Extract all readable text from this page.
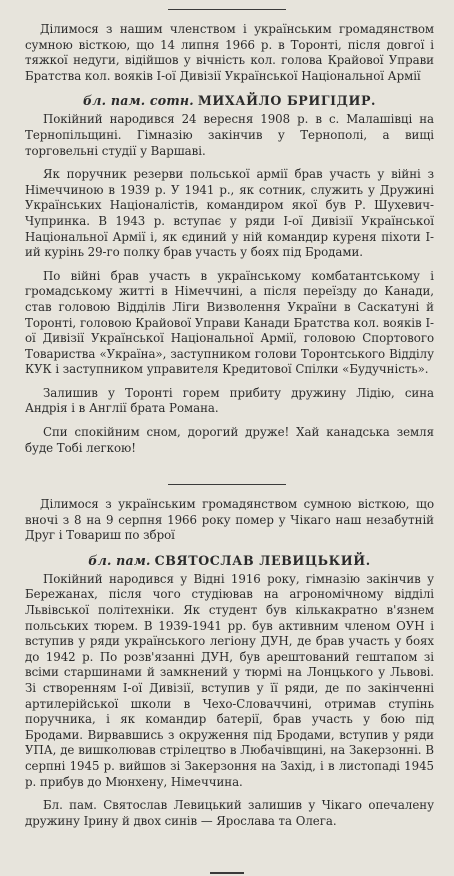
Ділимося з нашим членством і українським громадянством сумною вісткою, що 14 липня 1966 р. в Торонті, після довгої і тяжкої недуги, відійшов у вічність кол. голова Крайової Управи Братства кол. вояків І-ої Дивізії Української Національної Армії

бл. пам. сотн. МИХАЙЛО БРИГІДИР.

Покійний народився 24 вересня 1908 р. в с. Малашівці на Тернопільщині. Гімназію закінчив у Тернополі, а вищі торговельні студії у Варшаві.

Як поручник резерви польської армії брав участь у війні з Німеччиною в 1939 р. У 1941 р., як сотник, служить у Дружині Українських Націоналістів, командиром якої був Р. Шухевич-Чупринка. В 1943 р. вступає у ряди І-ої Дивізії Української Національної Армії і, як єдиний у ній командир куреня піхоти І-ий курінь 29-го полку брав участь у боях під Бродами.

По війні брав участь в українському комбатантському і громадському житті в Німеччині, а після переїзду до Канади, став головою Відділів Ліги Визволення України в Саскатуні й Торонті, головою Крайової Управи Канади Братства кол. вояків І-ої Дивізії Української Національної Армії, головою Спортового Товариства «Україна», заступником голови Торонтського Відділу КУК і заступником управителя Кредитової Спілки «Будучність».

Залишив у Торонті горем прибиту дружину Лідію, сина Андрія і в Англії брата Романа.

Спи спокійним сном, дорогий друже! Хай канадська земля буде Тобі легкою!

Ділимося з українським громадянством сумною вісткою, що вночі з 8 на 9 серпня 1966 року помер у Чікаго наш незабутній Друг і Товариш по зброї

бл. пам. СВЯТОСЛАВ ЛЕВИЦЬКИЙ.

Покійний народився у Відні 1916 року, гімназію закінчив у Бережанах, після чого студіював на агрономічному відділі Львівської політехніки. Як студент був кількакратно в'язнем польських тюрем. В 1939-1941 рр. був активним членом ОУН і вступив у ряди українського легіону ДУН, де брав участь у боях до 1942 р. По розв'язанні ДУН, був арештований гештапом зі всіми старшинами й замкнений у тюрмі на Лонцького у Львові. Зі створенням І-ої Дивізії, вступив у її ряди, де по закінченні артилерійської школи в Чехо-Словаччині, отримав ступінь поручника, і як командир батерії, брав участь у бою під Бродами. Вирвавшись з окруження під Бродами, вступив у ряди УПА, де вишколював стрілецтво в Любачівщині, на Закерзонні. В серпні 1945 р. вийшов зі Закерзоння на Захід, і в листопаді 1945 р. прибув до Мюнхену, Німеччина.

Бл. пам. Святослав Левицький залишив у Чікаго опечалену дружину Ірину й двох синів — Ярослава та Олега.
